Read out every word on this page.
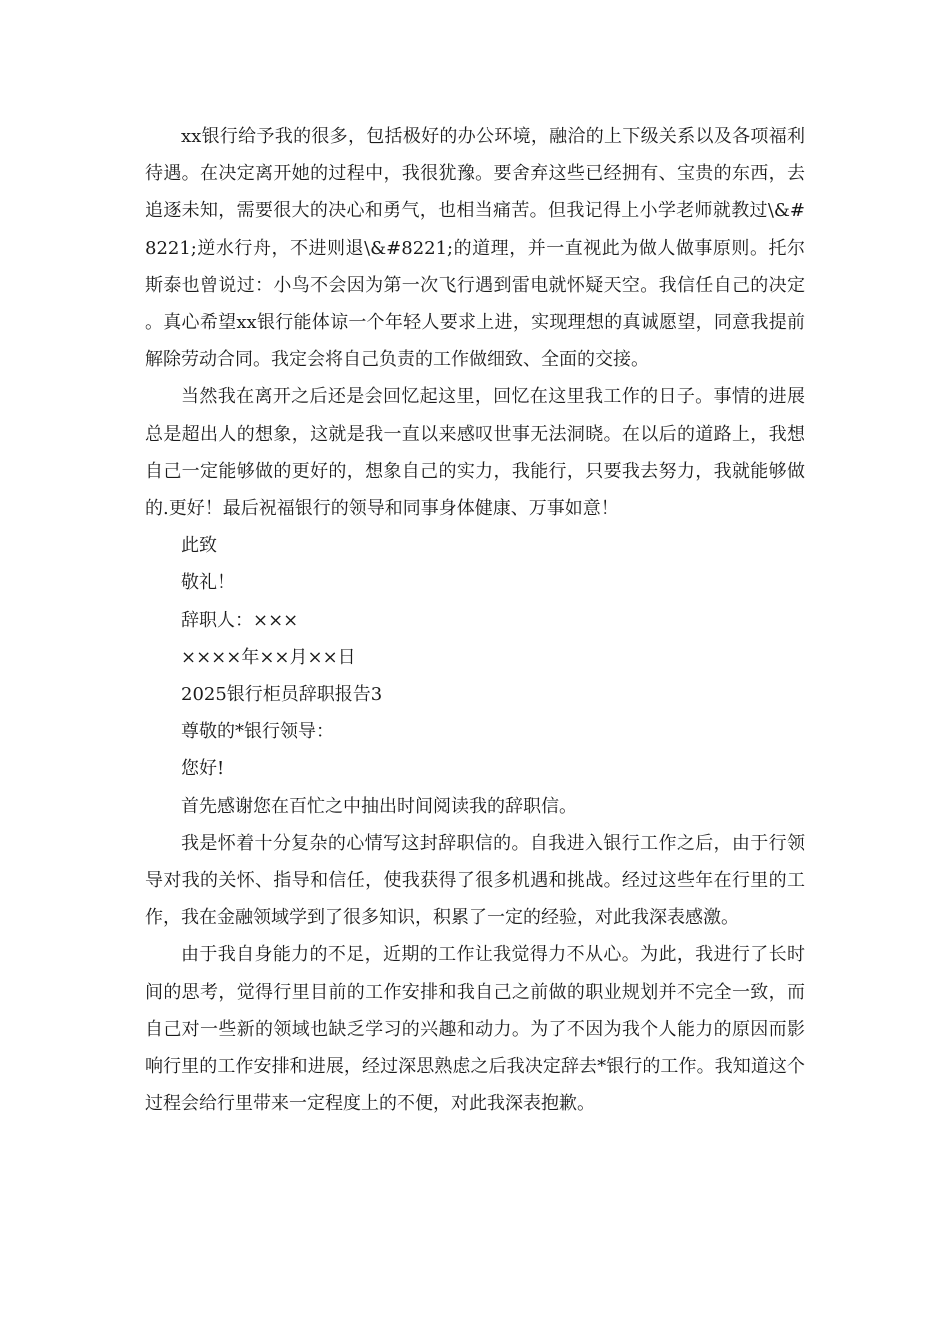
xx银行给予我的很多，包括极好的办公环境，融洽的上下级关系以及各项福利待遇。在决定离开她的过程中，我很犹豫。要舍弃这些已经拥有、宝贵的东西，去追逐未知，需要很大的决心和勇气，也相当痛苦。但我记得上小学老师就教过\&#8221;逆水行舟，不进则退\&#8221;的道理，并一直视此为做人做事原则。托尔斯泰也曾说过：小鸟不会因为第一次飞行遇到雷电就怀疑天空。我信任自己的决定。真心希望xx银行能体谅一个年轻人要求上进，实现理想的真诚愿望，同意我提前解除劳动合同。我定会将自己负责的工作做细致、全面的交接。

当然我在离开之后还是会回忆起这里，回忆在这里我工作的日子。事情的进展总是超出人的想象，这就是我一直以来感叹世事无法洞晓。在以后的道路上，我想自己一定能够做的更好的，想象自己的实力，我能行，只要我去努力，我就能够做的.更好！最后祝福银行的领导和同事身体健康、万事如意！

此致

敬礼！

辞职人：×××

××××年××月××日

2025银行柜员辞职报告3

尊敬的*银行领导：

您好!

首先感谢您在百忙之中抽出时间阅读我的辞职信。

我是怀着十分复杂的心情写这封辞职信的。自我进入银行工作之后，由于行领导对我的关怀、指导和信任，使我获得了很多机遇和挑战。经过这些年在行里的工作，我在金融领域学到了很多知识，积累了一定的经验，对此我深表感激。

由于我自身能力的不足，近期的工作让我觉得力不从心。为此，我进行了长时间的思考，觉得行里目前的工作安排和我自己之前做的职业规划并不完全一致，而自己对一些新的领域也缺乏学习的兴趣和动力。为了不因为我个人能力的原因而影响行里的工作安排和进展，经过深思熟虑之后我决定辞去*银行的工作。我知道这个过程会给行里带来一定程度上的不便，对此我深表抱歉。
